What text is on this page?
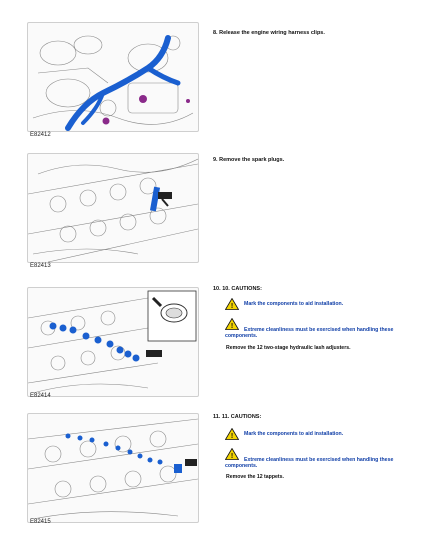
E82412
8. Release the engine wiring harness clips.
E82413
9. Remove the spark plugs.
E82414
10. 10. CAUTIONS:
! Mark the components to aid installation.
!	Extreme cleanliness must be exercised when handling these components.
Remove the 12 two-stage hydraulic lash adjusters.
E82415
11. 11. CAUTIONS:
! Mark the components to aid installation.
!	Extreme cleanliness must be exercised when handling these components.
Remove the 12 tappets.
